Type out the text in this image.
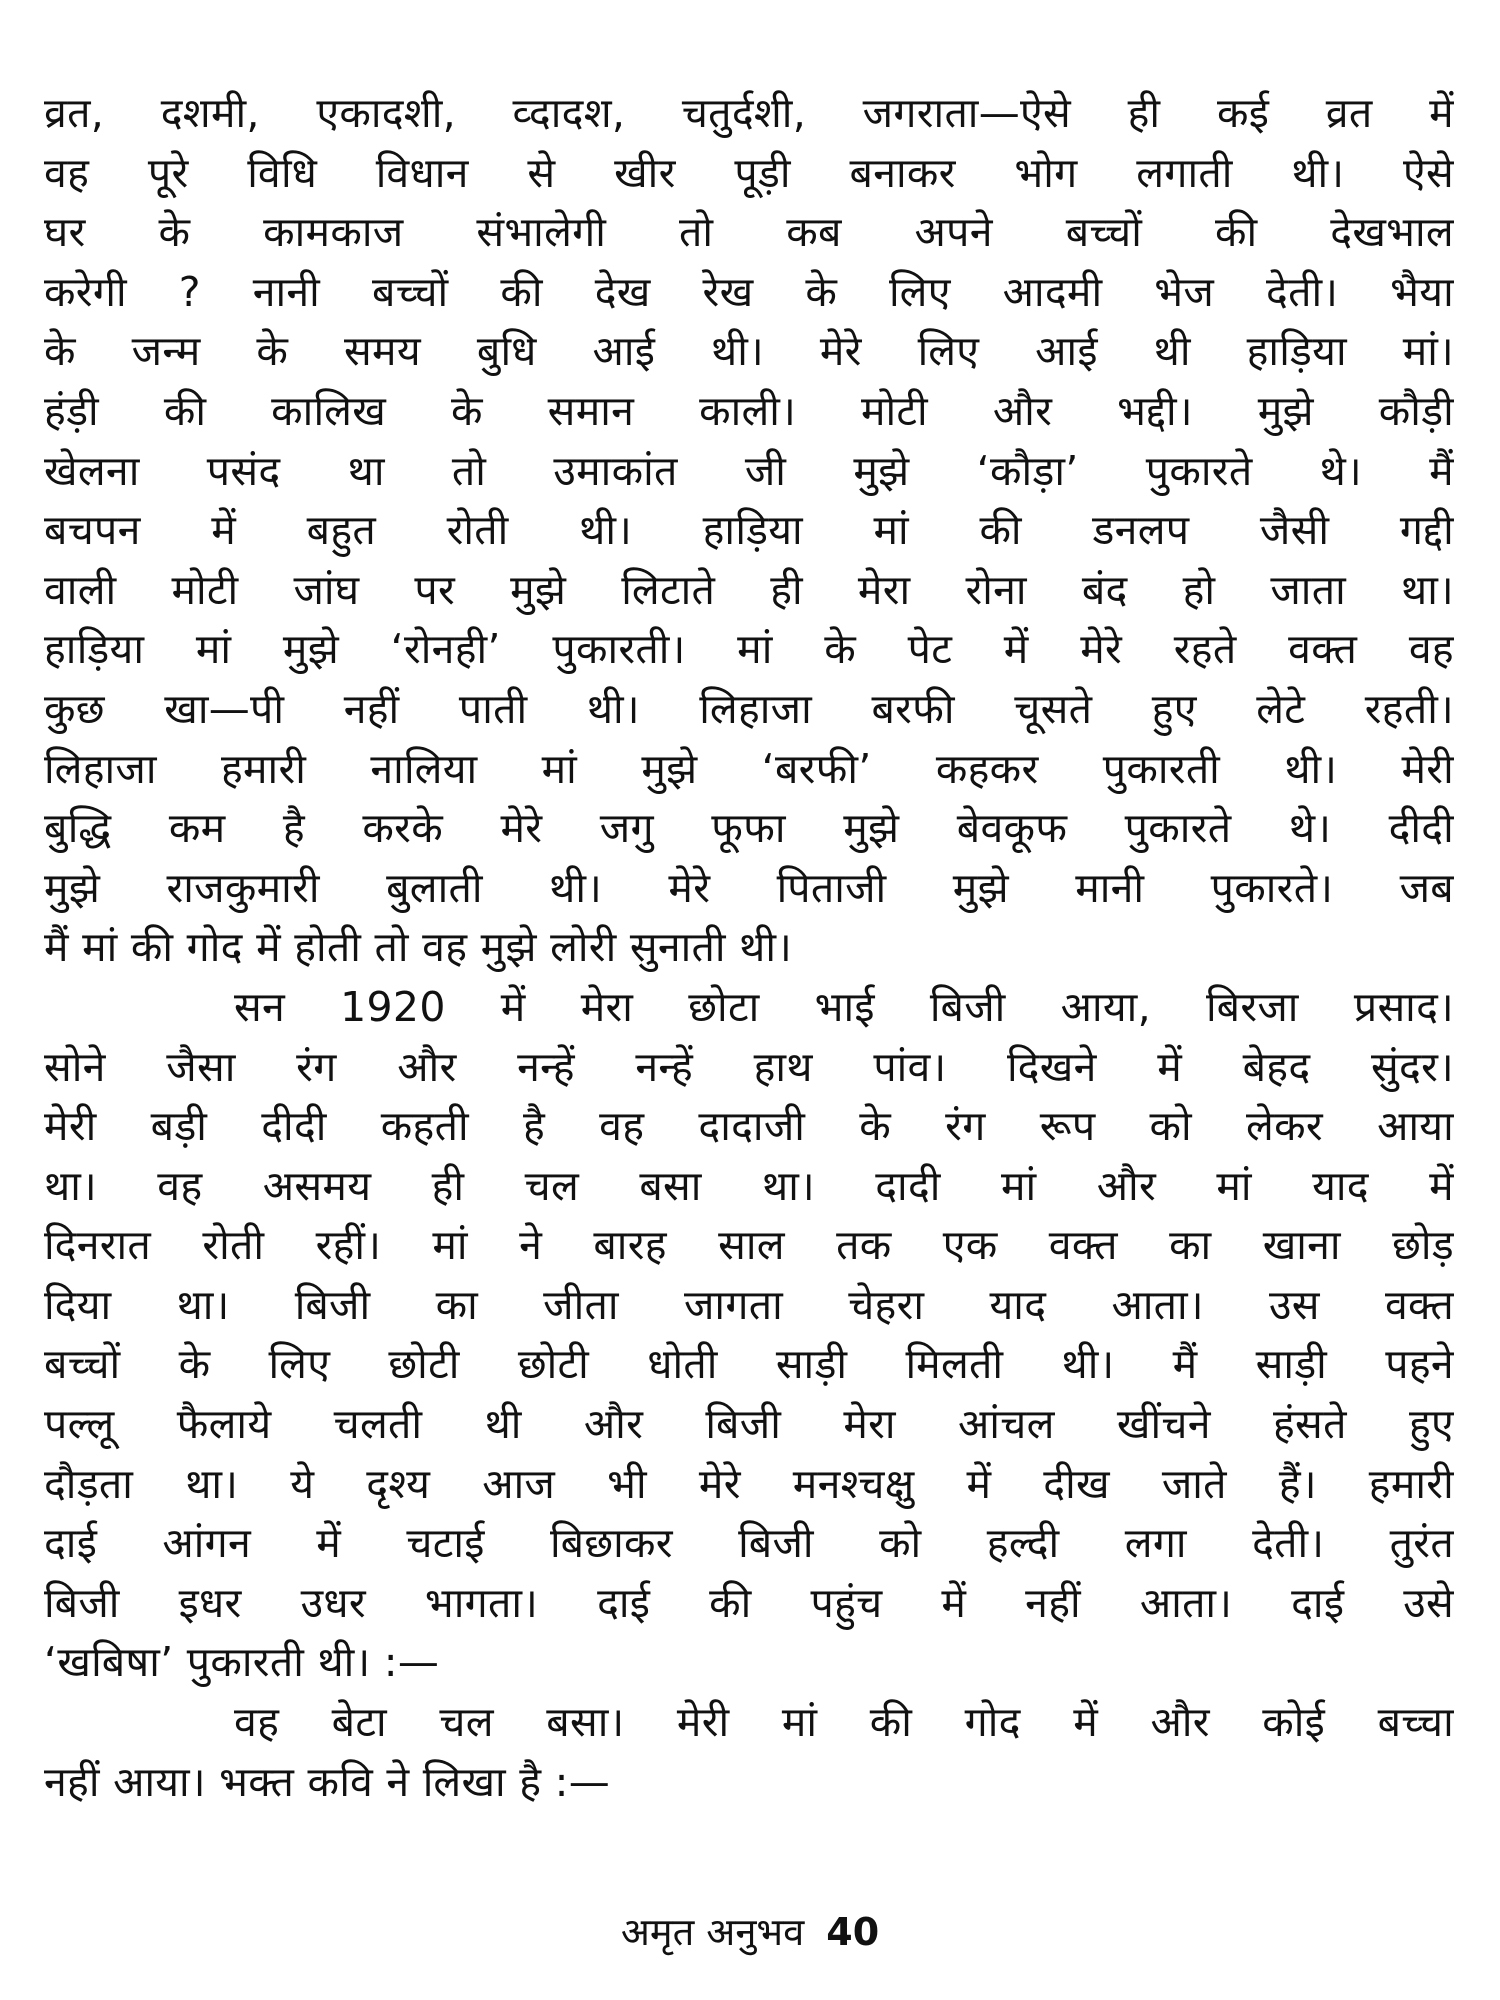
व्रत, दशमी, एकादशी, व्दादश, चतुर्दशी, जगराता—ऐसे ही कई व्रत में
वह पूरे विधि विधान से खीर पूड़ी बनाकर भोग लगाती थी। ऐसे
घर के कामकाज संभालेगी तो कब अपने बच्चों की देखभाल
करेगी ? नानी बच्चों की देख रेख के लिए आदमी भेज देती। भैया
के जन्म के समय बुधि आई थी। मेरे लिए आई थी हाड़िया मां।
हंड़ी की कालिख के समान काली। मोटी और भद्दी। मुझे कौड़ी
खेलना पसंद था तो उमाकांत जी मुझे ‘कौड़ा’ पुकारते थे। मैं
बचपन में बहुत रोती थी। हाड़िया मां की डनलप जैसी गद्दी
वाली मोटी जांघ पर मुझे लिटाते ही मेरा रोना बंद हो जाता था।
हाड़िया मां मुझे ‘रोनही’ पुकारती। मां के पेट में मेरे रहते वक्त वह
कुछ खा—पी नहीं पाती थी। लिहाजा बरफी चूसते हुए लेटे रहती।
लिहाजा हमारी नालिया मां मुझे ‘बरफी’ कहकर पुकारती थी। मेरी
बुद्धि कम है करके मेरे जगु फूफा मुझे बेवकूफ पुकारते थे। दीदी
मुझे राजकुमारी बुलाती थी। मेरे पिताजी मुझे मानी पुकारते। जब
मैं मां की गोद में होती तो वह मुझे लोरी सुनाती थी।
सन 1920 में मेरा छोटा भाई बिजी आया, बिरजा प्रसाद।
सोने जैसा रंग और नन्हें नन्हें हाथ पांव। दिखने में बेहद सुंदर।
मेरी बड़ी दीदी कहती है वह दादाजी के रंग रूप को लेकर आया
था। वह असमय ही चल बसा था। दादी मां और मां याद में
दिनरात रोती रहीं। मां ने बारह साल तक एक वक्त का खाना छोड़
दिया था। बिजी का जीता जागता चेहरा याद आता। उस वक्त
बच्चों के लिए छोटी छोटी धोती साड़ी मिलती थी। मैं साड़ी पहने
पल्लू फैलाये चलती थी और बिजी मेरा आंचल खींचने हंसते हुए
दौड़ता था। ये दृश्य आज भी मेरे मनश्चक्षु में दीख जाते हैं। हमारी
दाई आंगन में चटाई बिछाकर बिजी को हल्दी लगा देती। तुरंत
बिजी इधर उधर भागता। दाई की पहुंच में नहीं आता। दाई उसे
‘खबिषा’ पुकारती थी। :—
वह बेटा चल बसा। मेरी मां की गोद में और कोई बच्चा
नहीं आया। भक्त कवि ने लिखा है :—
अमृत अनुभव 40
